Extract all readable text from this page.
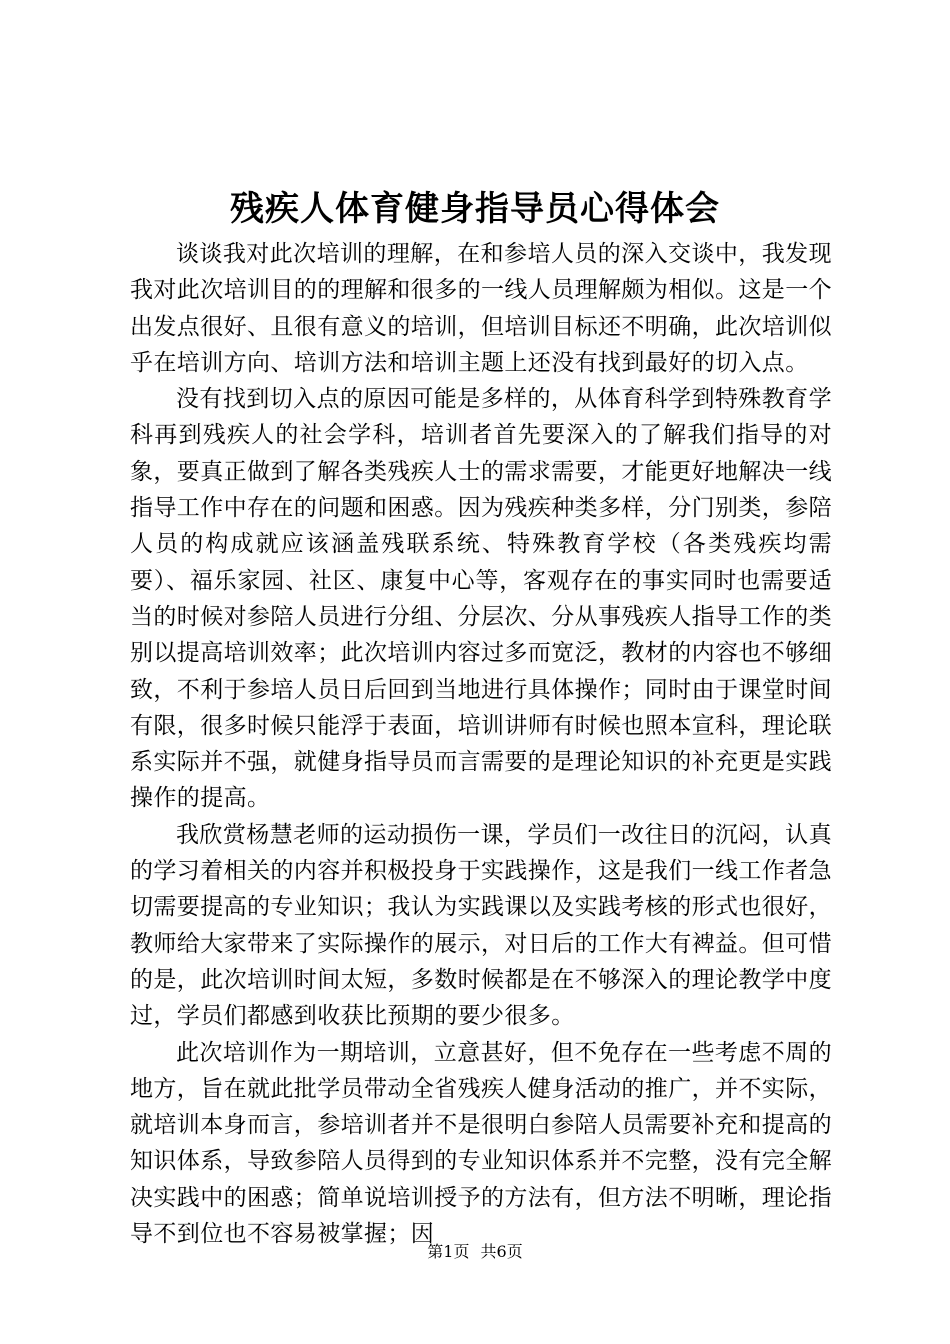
残疾人体育健身指导员心得体会

谈谈我对此次培训的理解，在和参培人员的深入交谈中，我发现我对此次培训目的的理解和很多的一线人员理解颇为相似。这是一个出发点很好、且很有意义的培训，但培训目标还不明确，此次培训似乎在培训方向、培训方法和培训主题上还没有找到最好的切入点。

没有找到切入点的原因可能是多样的，从体育科学到特殊教育学科再到残疾人的社会学科，培训者首先要深入的了解我们指导的对象，要真正做到了解各类残疾人士的需求需要，才能更好地解决一线指导工作中存在的问题和困惑。因为残疾种类多样，分门别类，参陪人员的构成就应该涵盖残联系统、特殊教育学校（各类残疾均需要）、福乐家园、社区、康复中心等，客观存在的事实同时也需要适当的时候对参陪人员进行分组、分层次、分从事残疾人指导工作的类别以提高培训效率；此次培训内容过多而宽泛，教材的内容也不够细致，不利于参培人员日后回到当地进行具体操作；同时由于课堂时间有限，很多时候只能浮于表面，培训讲师有时候也照本宣科，理论联系实际并不强，就健身指导员而言需要的是理论知识的补充更是实践操作的提高。

我欣赏杨慧老师的运动损伤一课，学员们一改往日的沉闷，认真的学习着相关的内容并积极投身于实践操作，这是我们一线工作者急切需要提高的专业知识；我认为实践课以及实践考核的形式也很好，教师给大家带来了实际操作的展示，对日后的工作大有裨益。但可惜的是，此次培训时间太短，多数时候都是在不够深入的理论教学中度过，学员们都感到收获比预期的要少很多。

此次培训作为一期培训，立意甚好，但不免存在一些考虑不周的地方，旨在就此批学员带动全省残疾人健身活动的推广，并不实际，就培训本身而言，参培训者并不是很明白参陪人员需要补充和提高的知识体系，导致参陪人员得到的专业知识体系并不完整，没有完全解决实践中的困惑；简单说培训授予的方法有，但方法不明晰，理论指导不到位也不容易被掌握；因

第1页 共6页
